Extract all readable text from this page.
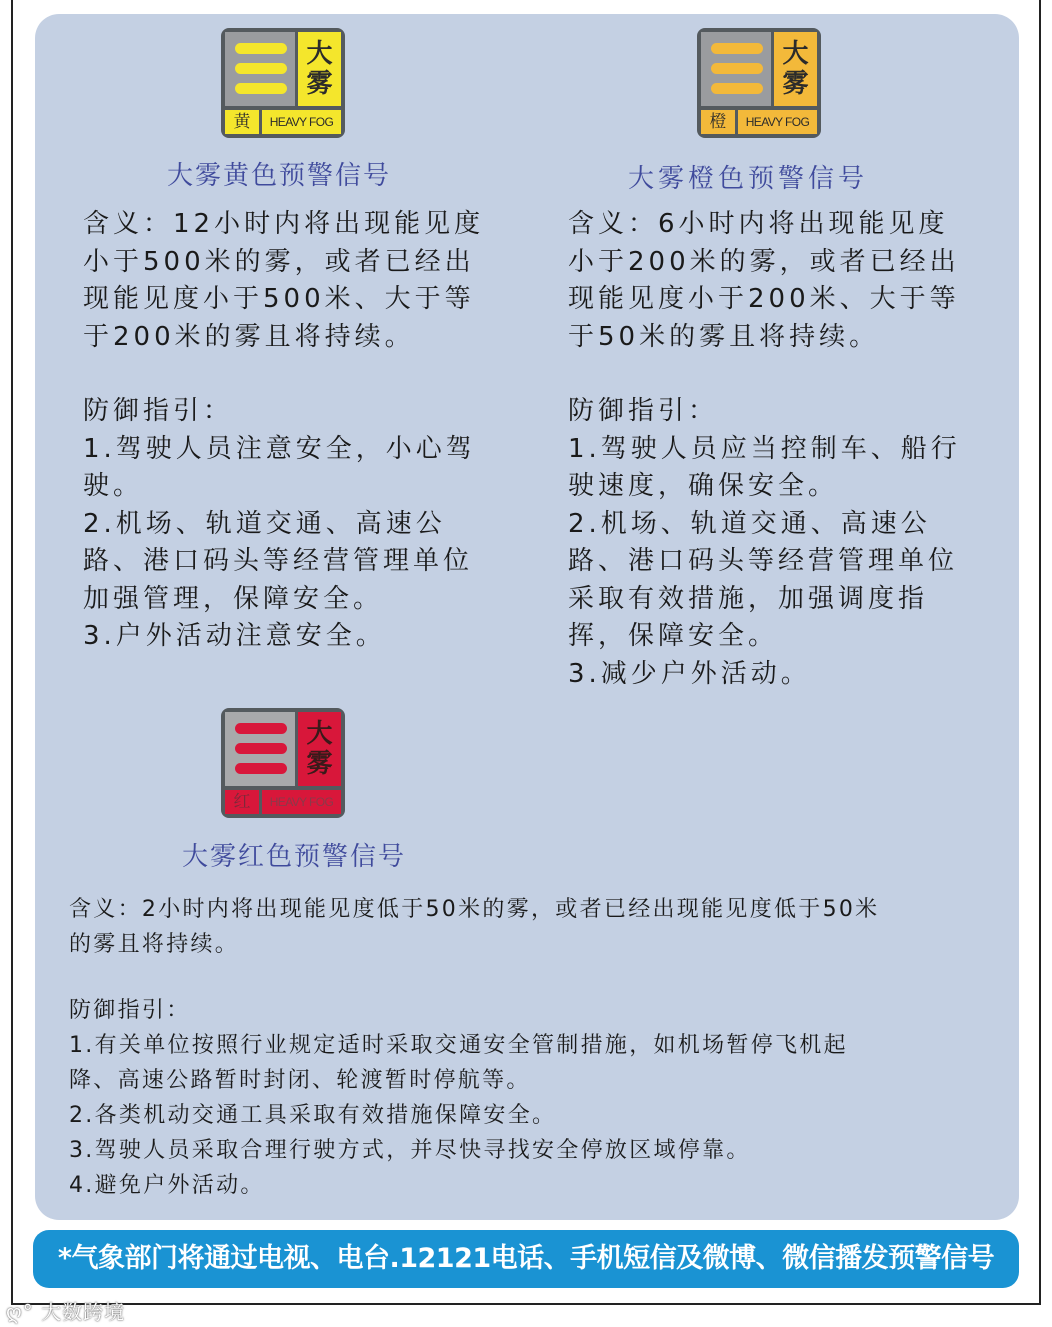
大
雾
黄	HEAVY FOG
大雾黄色预警信号

含义：12小时内将出现能见度

小于500米的雾，或者已经出

现能见度小于500米、大于等

于200米的雾且将持续。

防御指引：

1.驾驶人员注意安全，小心驾

驶。

2.机场、轨道交通、高速公

路、港口码头等经营管理单位

加强管理，保障安全。

3.户外活动注意安全。

大
雾
橙	HEAVY FOG
大雾橙色预警信号

含义：6小时内将出现能见度

小于200米的雾，或者已经出

现能见度小于200米、大于等

于50米的雾且将持续。

防御指引：

1.驾驶人员应当控制车、船行

驶速度，确保安全。

2.机场、轨道交通、高速公

路、港口码头等经营管理单位

采取有效措施，加强调度指

挥，保障安全。

3.减少户外活动。

大
雾
红	HEAVY FOG
大雾红色预警信号

含义：2小时内将出现能见度低于50米的雾，或者已经出现能见度低于50米

的雾且将持续。

防御指引：

1.有关单位按照行业规定适时采取交通安全管制措施，如机场暂停飞机起

降、高速公路暂时封闭、轮渡暂时停航等。

2.各类机动交通工具采取有效措施保障安全。

3.驾驶人员采取合理行驶方式，并尽快寻找安全停放区域停靠。

4.避免户外活动。

*气象部门将通过电视、电台.12121电话、手机短信及微博、微信播发预警信号
ღ° 大数跨境
